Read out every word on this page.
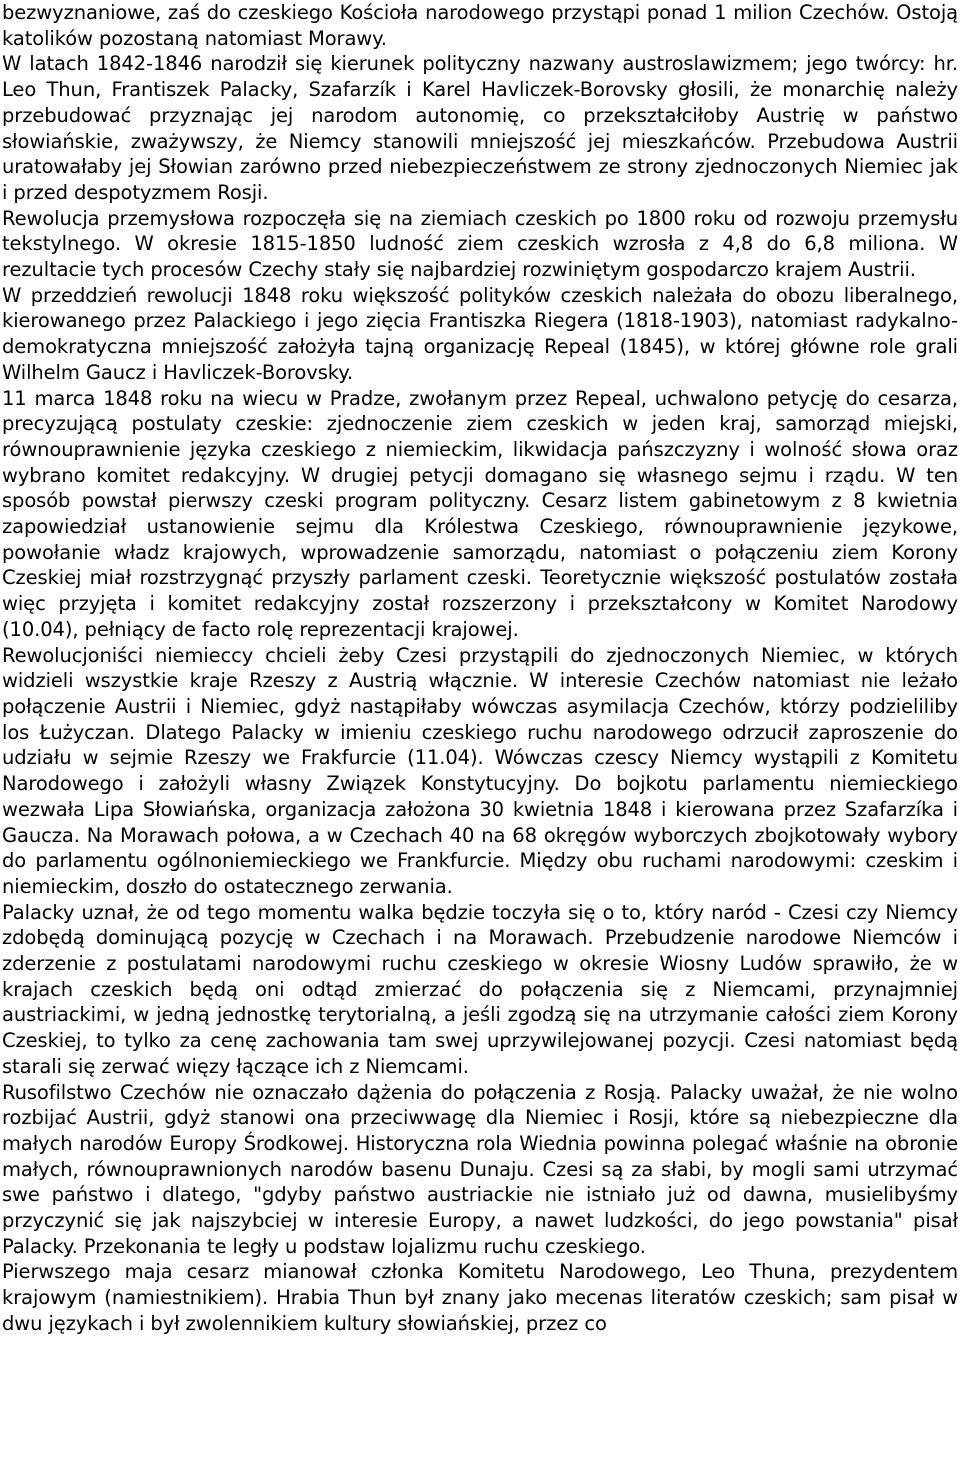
bezwyznaniowe, zaś do czeskiego Kościoła narodowego przystąpi ponad 1 milion Czechów. Ostoją katolików pozostaną natomiast Morawy.

W latach 1842-1846 narodził się kierunek polityczny nazwany austroslawizmem; jego twórcy: hr. Leo Thun, Frantiszek Palacky, Szafarzík i Karel Havliczek-Borovsky głosili, że monarchię należy przebudować przyznając jej narodom autonomię, co przekształciłoby Austrię w państwo słowiańskie, zważywszy, że Niemcy stanowili mniejszość jej mieszkańców. Przebudowa Austrii uratowałaby jej Słowian zarówno przed niebezpieczeństwem ze strony zjednoczonych Niemiec jak i przed despotyzmem Rosji.

Rewolucja przemysłowa rozpoczęła się na ziemiach czeskich po 1800 roku od rozwoju przemysłu tekstylnego. W okresie 1815-1850 ludność ziem czeskich wzrosła z 4,8 do 6,8 miliona. W rezultacie tych procesów Czechy stały się najbardziej rozwiniętym gospodarczo krajem Austrii.

W przeddzień rewolucji 1848 roku większość polityków czeskich należała do obozu liberalnego, kierowanego przez Palackiego i jego zięcia Frantiszka Riegera (1818-1903), natomiast radykalno-demokratyczna mniejszość założyła tajną organizację Repeal (1845), w której główne role grali Wilhelm Gaucz i Havliczek-Borovsky.

11 marca 1848 roku na wiecu w Pradze, zwołanym przez Repeal, uchwalono petycję do cesarza, precyzującą postulaty czeskie: zjednoczenie ziem czeskich w jeden kraj, samorząd miejski, równouprawnienie języka czeskiego z niemieckim, likwidacja pańszczyzny i wolność słowa oraz wybrano komitet redakcyjny. W drugiej petycji domagano się własnego sejmu i rządu. W ten sposób powstał pierwszy czeski program polityczny. Cesarz listem gabinetowym z 8 kwietnia zapowiedział ustanowienie sejmu dla Królestwa Czeskiego, równouprawnienie językowe, powołanie władz krajowych, wprowadzenie samorządu, natomiast o połączeniu ziem Korony Czeskiej miał rozstrzygnąć przyszły parlament czeski. Teoretycznie większość postulatów została więc przyjęta i komitet redakcyjny został rozszerzony i przekształcony w Komitet Narodowy (10.04), pełniący de facto rolę reprezentacji krajowej.

Rewolucjoniści niemieccy chcieli żeby Czesi przystąpili do zjednoczonych Niemiec, w których widzieli wszystkie kraje Rzeszy z Austrią włącznie. W interesie Czechów natomiast nie leżało połączenie Austrii i Niemiec, gdyż nastąpiłaby wówczas asymilacja Czechów, którzy podzieliliby los Łużyczan. Dlatego Palacky w imieniu czeskiego ruchu narodowego odrzucił zaproszenie do udziału w sejmie Rzeszy we Frakfurcie (11.04). Wówczas czescy Niemcy wystąpili z Komitetu Narodowego i założyli własny Związek Konstytucyjny. Do bojkotu parlamentu niemieckiego wezwała Lipa Słowiańska, organizacja założona 30 kwietnia 1848 i kierowana przez Szafarzíka i Gaucza. Na Morawach połowa, a w Czechach 40 na 68 okręgów wyborczych zbojkotowały wybory do parlamentu ogólnoniemieckiego we Frankfurcie. Między obu ruchami narodowymi: czeskim i niemieckim, doszło do ostatecznego zerwania.

Palacky uznał, że od tego momentu walka będzie toczyła się o to, który naród - Czesi czy Niemcy zdobędą dominującą pozycję w Czechach i na Morawach. Przebudzenie narodowe Niemców i zderzenie z postulatami narodowymi ruchu czeskiego w okresie Wiosny Ludów sprawiło, że w krajach czeskich będą oni odtąd zmierzać do połączenia się z Niemcami, przynajmniej austriackimi, w jedną jednostkę terytorialną, a jeśli zgodzą się na utrzymanie całości ziem Korony Czeskiej, to tylko za cenę zachowania tam swej uprzywilejowanej pozycji. Czesi natomiast będą starali się zerwać więzy łączące ich z Niemcami.

Rusofilstwo Czechów nie oznaczało dążenia do połączenia z Rosją. Palacky uważał, że nie wolno rozbijać Austrii, gdyż stanowi ona przeciwwagę dla Niemiec i Rosji, które są niebezpieczne dla małych narodów Europy Środkowej. Historyczna rola Wiednia powinna polegać właśnie na obronie małych, równouprawnionych narodów basenu Dunaju. Czesi są za słabi, by mogli sami utrzymać swe państwo i dlatego, "gdyby państwo austriackie nie istniało już od dawna, musielibyśmy przyczynić się jak najszybciej w interesie Europy, a nawet ludzkości, do jego powstania" pisał Palacky. Przekonania te legły u podstaw lojalizmu ruchu czeskiego.

Pierwszego maja cesarz mianował członka Komitetu Narodowego, Leo Thuna, prezydentem krajowym (namiestnikiem). Hrabia Thun był znany jako mecenas literatów czeskich; sam pisał w dwu językach i był zwolennikiem kultury słowiańskiej, przez co
